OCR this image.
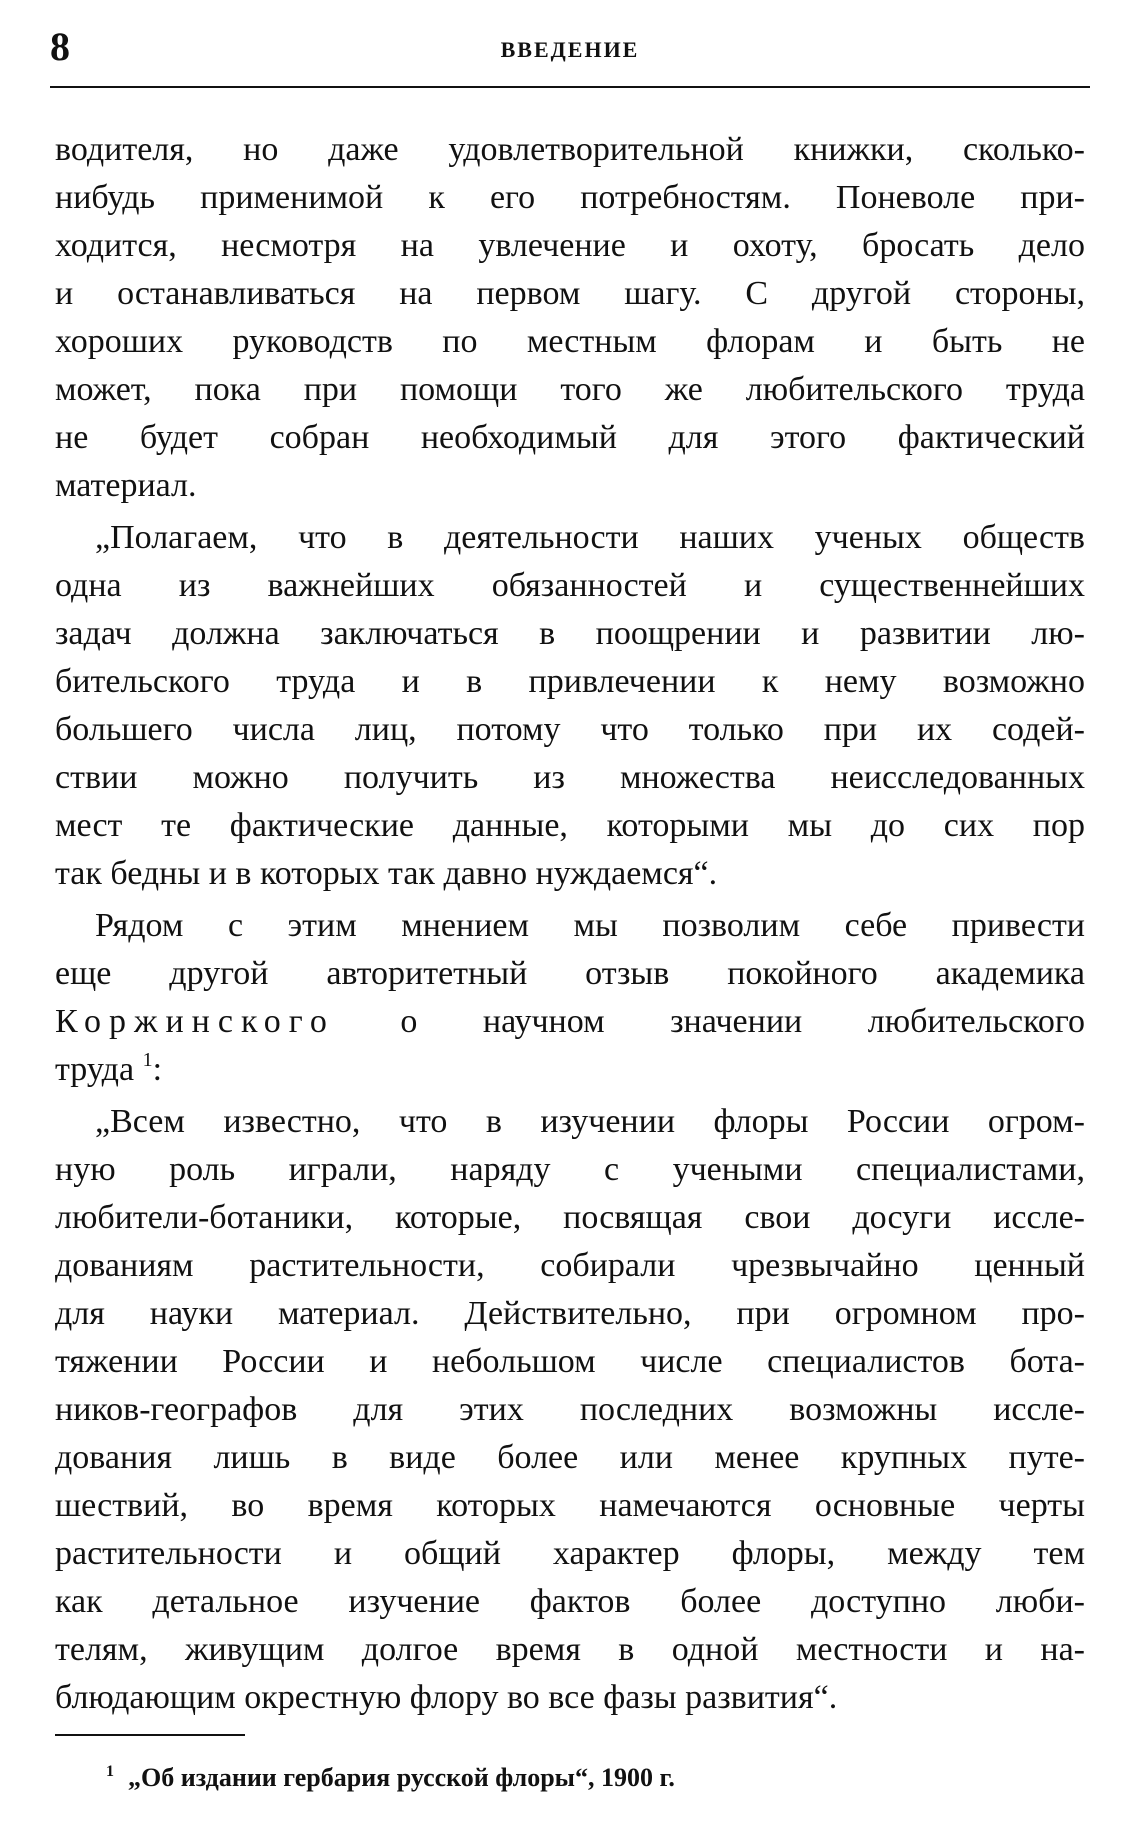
8	ВВЕДЕНИЕ

водителя, но даже удовлетворительной книжки, сколько-
нибудь применимой к его потребностям. Поневоле при-
ходится, несмотря на увлечение и охоту, бросать дело
и останавливаться на первом шагу. С другой стороны,
хороших руководств по местным флорам и быть не
может, пока при помощи того же любительского труда
не будет собран необходимый для этого фактический
материал.

„Полагаем, что в деятельности наших ученых обществ
одна из важнейших обязанностей и существеннейших
задач должна заключаться в поощрении и развитии лю-
бительского труда и в привлечении к нему возможно
большего числа лиц, потому что только при их содей-
ствии можно получить из множества неисследованных
мест те фактические данные, которыми мы до сих пор
так бедны и в которых так давно нуждаемся“.

Рядом с этим мнением мы позволим себе привести
еще другой авторитетный отзыв покойного академика
Коржинского о научном значении любительского
труда $^1$:

„Всем известно, что в изучении флоры России огром-
ную роль играли, наряду с учеными специалистами,
любители-ботаники, которые, посвящая свои досуги иссле-
дованиям растительности, собирали чрезвычайно ценный
для науки материал. Действительно, при огромном про-
тяжении России и небольшом числе специалистов бота-
ников-географов для этих последних возможны иссле-
дования лишь в виде более или менее крупных путе-
шествий, во время которых намечаются основные черты
растительности и общий характер флоры, между тем
как детальное изучение фактов более доступно люби-
телям, живущим долгое время в одной местности и на-
блюдающим окрестную флору во все фазы развития“.

$^1$ „Об издании гербария русской флоры“, 1900 г.
